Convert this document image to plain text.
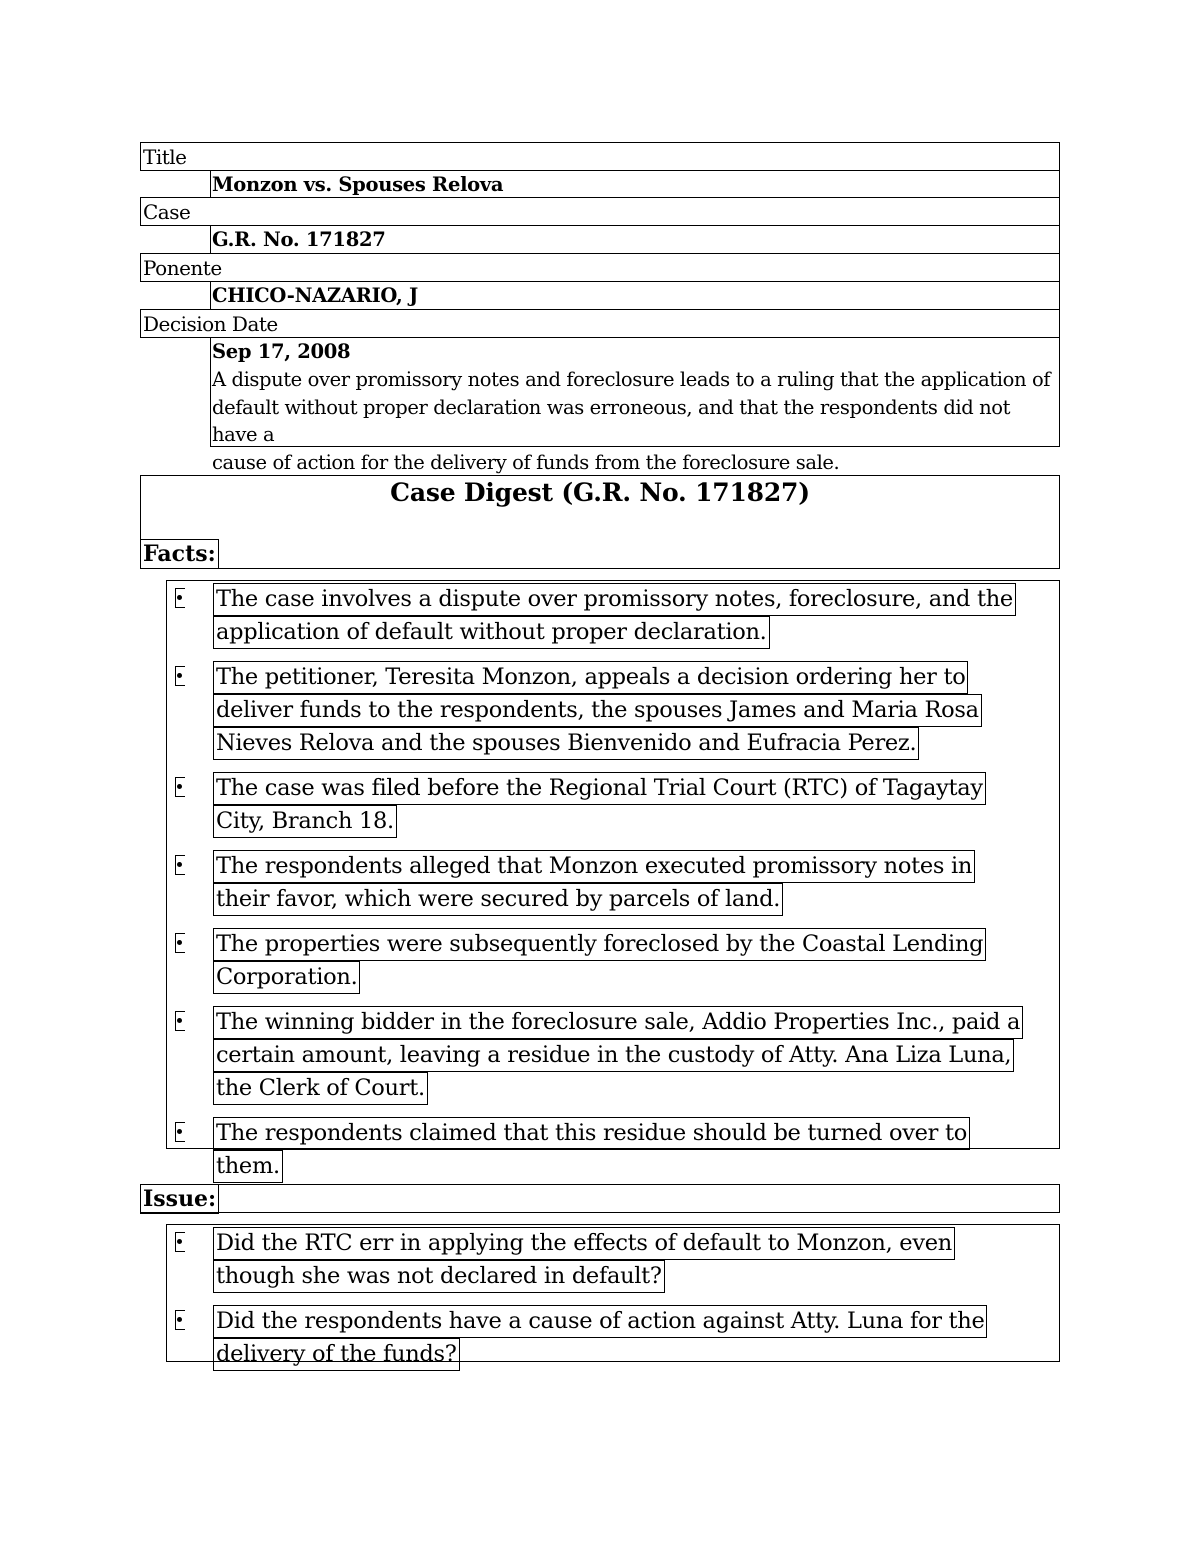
Title
Monzon vs. Spouses Relova
Case
G.R. No. 171827
Ponente
CHICO-NAZARIO, J
Decision Date
Sep 17, 2008
A dispute over promissory notes and foreclosure leads to a ruling that the application of
default without proper declaration was erroneous, and that the respondents did not have a
cause of action for the delivery of funds from the foreclosure sale.
Case Digest (G.R. No. 171827)
Facts:
The case involves a dispute over promissory notes, foreclosure, and the
application of default without proper declaration.
The petitioner, Teresita Monzon, appeals a decision ordering her to
deliver funds to the respondents, the spouses James and Maria Rosa
Nieves Relova and the spouses Bienvenido and Eufracia Perez.
The case was filed before the Regional Trial Court (RTC) of Tagaytay
City, Branch 18.
The respondents alleged that Monzon executed promissory notes in
their favor, which were secured by parcels of land.
The properties were subsequently foreclosed by the Coastal Lending
Corporation.
The winning bidder in the foreclosure sale, Addio Properties Inc., paid a
certain amount, leaving a residue in the custody of Atty. Ana Liza Luna,
the Clerk of Court.
The respondents claimed that this residue should be turned over to
them.
Issue:
Did the RTC err in applying the effects of default to Monzon, even
though she was not declared in default?
Did the respondents have a cause of action against Atty. Luna for the
delivery of the funds?
